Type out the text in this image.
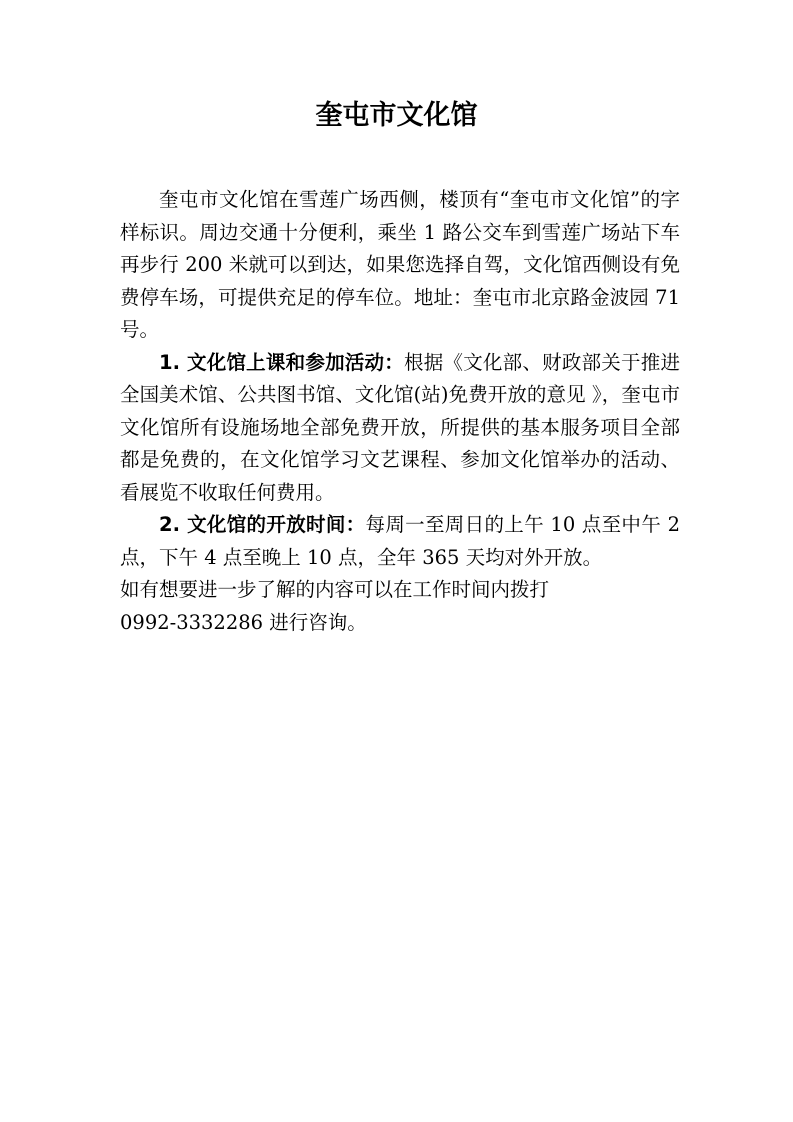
奎屯市文化馆

奎屯市文化馆在雪莲广场西侧，楼顶有“奎屯市文化馆”的字样标识。周边交通十分便利，乘坐 1 路公交车到雪莲广场站下车再步行 200 米就可以到达，如果您选择自驾，文化馆西侧设有免费停车场，可提供充足的停车位。地址：奎屯市北京路金波园 71 号。

1. 文化馆上课和参加活动：根据《文化部、财政部关于推进全国美术馆、公共图书馆、文化馆(站)免费开放的意见 》，奎屯市文化馆所有设施场地全部免费开放，所提供的基本服务项目全部都是免费的，在文化馆学习文艺课程、参加文化馆举办的活动、看展览不收取任何费用。

2. 文化馆的开放时间：每周一至周日的上午 10 点至中午 2 点，下午 4 点至晚上 10 点，全年 365 天均对外开放。

如有想要进一步了解的内容可以在工作时间内拨打

0992-3332286 进行咨询。
